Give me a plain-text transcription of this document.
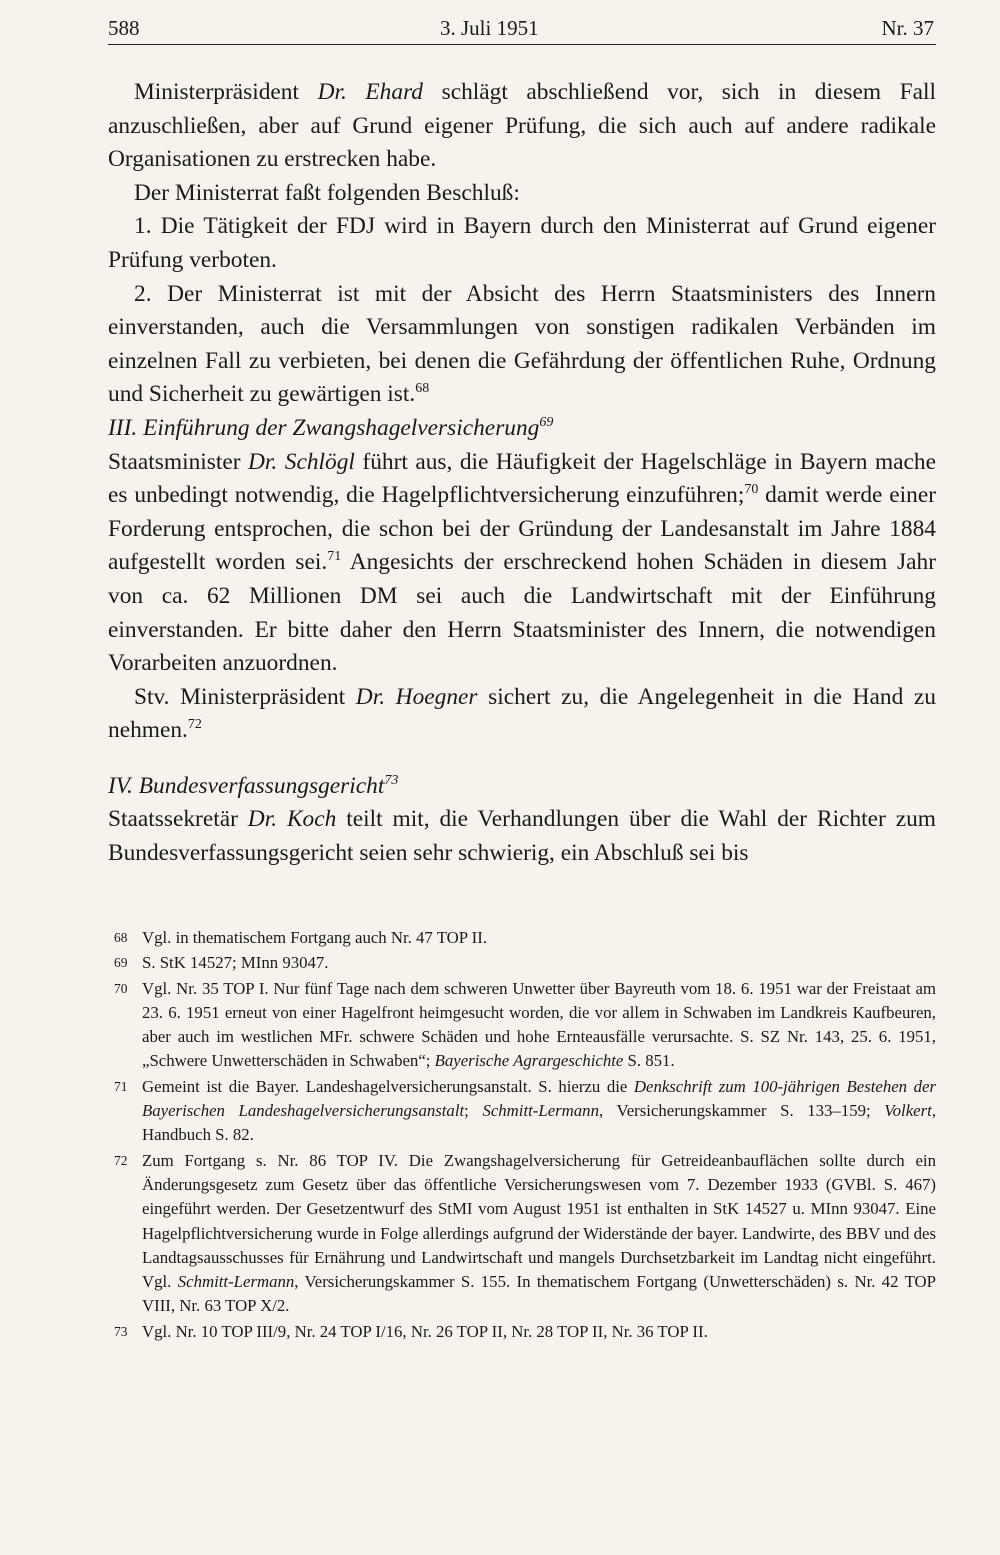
588	3. Juli 1951	Nr. 37

Ministerpräsident Dr. Ehard schlägt abschließend vor, sich in diesem Fall anzuschließen, aber auf Grund eigener Prüfung, die sich auch auf andere radikale Organisationen zu erstrecken habe.

Der Ministerrat faßt folgenden Beschluß:

1. Die Tätigkeit der FDJ wird in Bayern durch den Ministerrat auf Grund eigener Prüfung verboten.

2. Der Ministerrat ist mit der Absicht des Herrn Staatsministers des Innern einverstanden, auch die Versammlungen von sonstigen radikalen Verbänden im einzelnen Fall zu verbieten, bei denen die Gefährdung der öffentlichen Ruhe, Ordnung und Sicherheit zu gewärtigen ist.$^{68}$

III. Einführung der Zwangshagelversicherung$^{69}$

Staatsminister Dr. Schlögl führt aus, die Häufigkeit der Hagelschläge in Bayern mache es unbedingt notwendig, die Hagelpflichtversicherung einzuführen;$^{70}$ damit werde einer Forderung entsprochen, die schon bei der Gründung der Landesanstalt im Jahre 1884 aufgestellt worden sei.$^{71}$ Angesichts der erschreckend hohen Schäden in diesem Jahr von ca. 62 Millionen DM sei auch die Landwirtschaft mit der Einführung einverstanden. Er bitte daher den Herrn Staatsminister des Innern, die notwendigen Vorarbeiten anzuordnen.

Stv. Ministerpräsident Dr. Hoegner sichert zu, die Angelegenheit in die Hand zu nehmen.$^{72}$

IV. Bundesverfassungsgericht$^{73}$

Staatssekretär Dr. Koch teilt mit, die Verhandlungen über die Wahl der Richter zum Bundesverfassungsgericht seien sehr schwierig, ein Abschluß sei bis

68 Vgl. in thematischem Fortgang auch Nr. 47 TOP II.
69 S. StK 14527; MInn 93047.
70 Vgl. Nr. 35 TOP I. Nur fünf Tage nach dem schweren Unwetter über Bayreuth vom 18. 6. 1951 war der Freistaat am 23. 6. 1951 erneut von einer Hagelfront heimgesucht worden, die vor allem in Schwaben im Landkreis Kaufbeuren, aber auch im westlichen MFr. schwere Schäden und hohe Ernteausfälle verursachte. S. SZ Nr. 143, 25. 6. 1951, „Schwere Unwetterschäden in Schwaben“; Bayerische Agrargeschichte S. 851.
71 Gemeint ist die Bayer. Landeshagelversicherungsanstalt. S. hierzu die Denkschrift zum 100-jährigen Bestehen der Bayerischen Landeshagelversicherungsanstalt; Schmitt-Lermann, Versicherungskammer S. 133–159; Volkert, Handbuch S. 82.
72 Zum Fortgang s. Nr. 86 TOP IV. Die Zwangshagelversicherung für Getreideanbauflächen sollte durch ein Änderungsgesetz zum Gesetz über das öffentliche Versicherungswesen vom 7. Dezember 1933 (GVBl. S. 467) eingeführt werden. Der Gesetzentwurf des StMI vom August 1951 ist enthalten in StK 14527 u. MInn 93047. Eine Hagelpflichtversicherung wurde in Folge allerdings aufgrund der Widerstände der bayer. Landwirte, des BBV und des Landtagsausschusses für Ernährung und Landwirtschaft und mangels Durchsetzbarkeit im Landtag nicht eingeführt. Vgl. Schmitt-Lermann, Versicherungskammer S. 155. In thematischem Fortgang (Unwetterschäden) s. Nr. 42 TOP VIII, Nr. 63 TOP X/2.
73 Vgl. Nr. 10 TOP III/9, Nr. 24 TOP I/16, Nr. 26 TOP II, Nr. 28 TOP II, Nr. 36 TOP II.
